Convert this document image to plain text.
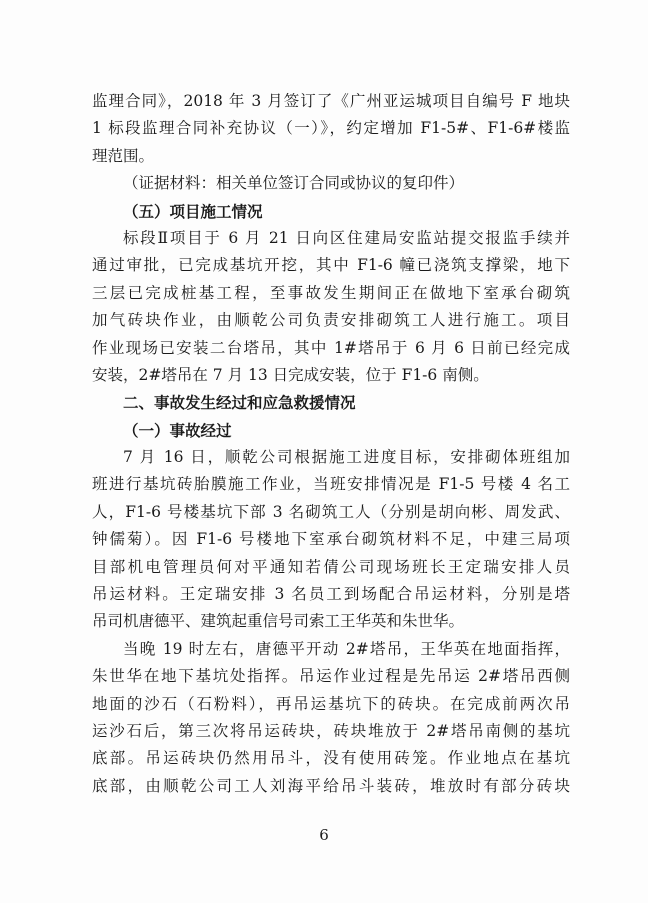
监理合同》，2018 年 3 月签订了《广州亚运城项目自编号 F 地块
1 标段监理合同补充协议（一）》，约定增加 F1-5#、F1-6#楼监
理范围。
（证据材料：相关单位签订合同或协议的复印件）
（五）项目施工情况
标段Ⅱ项目于 6 月 21 日向区住建局安监站提交报监手续并
通过审批，已完成基坑开挖，其中 F1-6 幢已浇筑支撑梁，地下
三层已完成桩基工程，至事故发生期间正在做地下室承台砌筑
加气砖块作业，由顺乾公司负责安排砌筑工人进行施工。项目
作业现场已安装二台塔吊，其中 1#塔吊于 6 月 6 日前已经完成
安装，2#塔吊在 7 月 13 日完成安装，位于 F1-6 南侧。
二、事故发生经过和应急救援情况
（一）事故经过
7 月 16 日，顺乾公司根据施工进度目标，安排砌体班组加
班进行基坑砖胎膜施工作业，当班安排情况是 F1-5 号楼 4 名工
人，F1-6 号楼基坑下部 3 名砌筑工人（分别是胡向彬、周发武、
钟儒菊）。因 F1-6 号楼地下室承台砌筑材料不足，中建三局项
目部机电管理员何对平通知若倩公司现场班长王定瑞安排人员
吊运材料。王定瑞安排 3 名员工到场配合吊运材料，分别是塔
吊司机唐德平、建筑起重信号司索工王华英和朱世华。
当晚 19 时左右，唐德平开动 2#塔吊，王华英在地面指挥，
朱世华在地下基坑处指挥。吊运作业过程是先吊运 2#塔吊西侧
地面的沙石（石粉料），再吊运基坑下的砖块。在完成前两次吊
运沙石后，第三次将吊运砖块，砖块堆放于 2#塔吊南侧的基坑
底部。吊运砖块仍然用吊斗，没有使用砖笼。作业地点在基坑
底部，由顺乾公司工人刘海平给吊斗装砖，堆放时有部分砖块
6
